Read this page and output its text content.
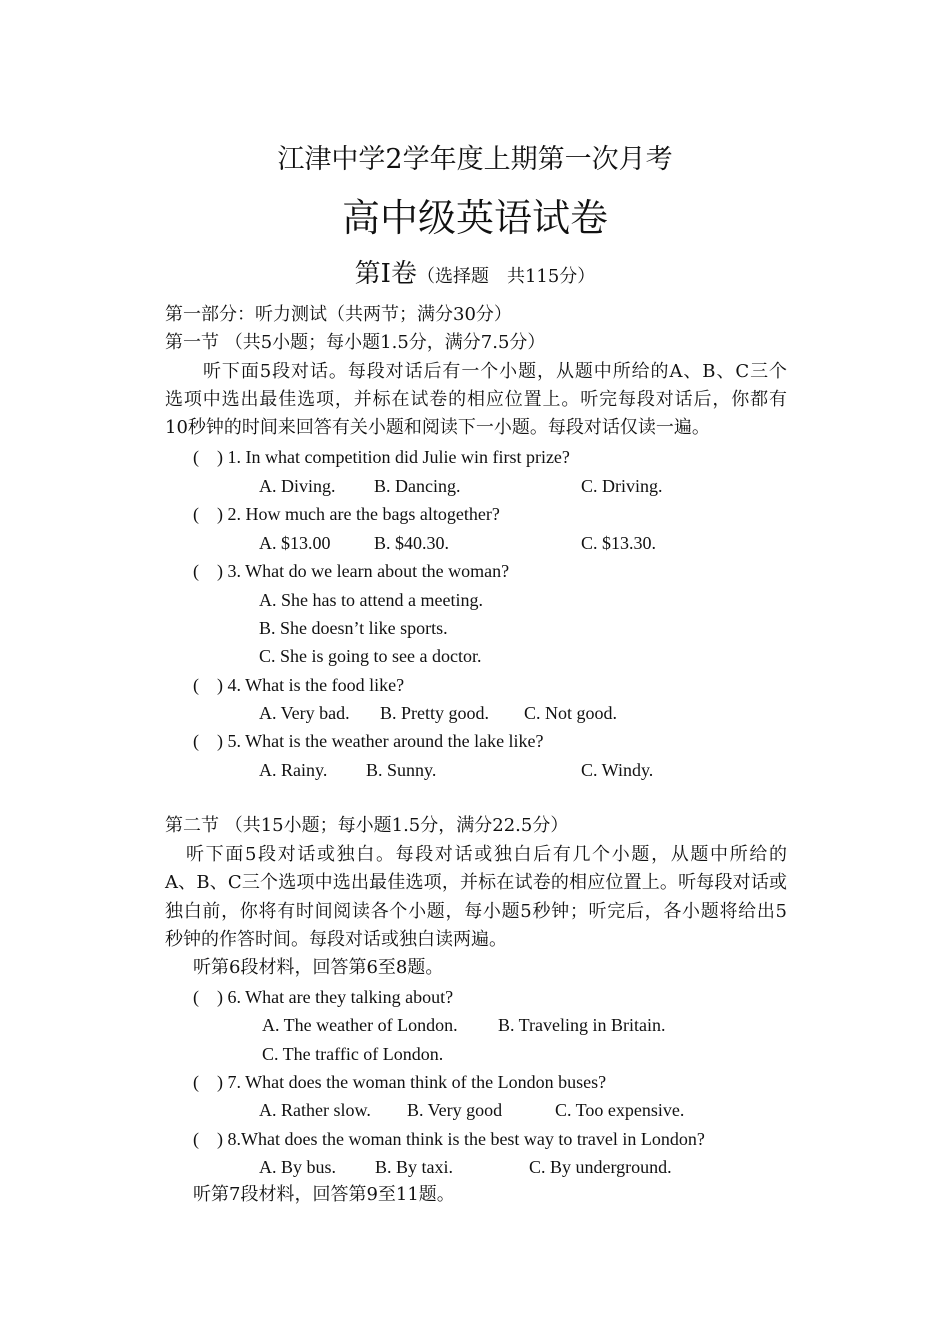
江津中学2学年度上期第一次月考
高中级英语试卷
第Ⅰ卷（选择题　共115分）
第一部分：听力测试（共两节；满分30分）
第一节 （共5小题；每小题1.5分，满分7.5分）
听下面5段对话。每段对话后有一个小题，从题中所给的A、B、C三个
选项中选出最佳选项，并标在试卷的相应位置上。听完每段对话后，你都有
10秒钟的时间来回答有关小题和阅读下一小题。每段对话仅读一遍。
(    ) 1. In what competition did Julie win first prize?
A. Diving. B. Dancing.	C. Driving.
(    ) 2. How much are the bags altogether?
A. $13.00 B. $40.30.	C. $13.30.
(    ) 3. What do we learn about the woman?
A. She has to attend a meeting.
B. She doesn’t like sports.
C. She is going to see a doctor.
(    ) 4. What is the food like?
A. Very bad. B. Pretty good. C. Not good.
(    ) 5. What is the weather around the lake like?
A. Rainy. B. Sunny.	C. Windy.
第二节 （共15小题；每小题1.5分，满分22.5分）
听下面5段对话或独白。每段对话或独白后有几个小题，从题中所给的
A、B、C三个选项中选出最佳选项，并标在试卷的相应位置上。听每段对话或
独白前，你将有时间阅读各个小题，每小题5秒钟；听完后，各小题将给出5
秒钟的作答时间。每段对话或独白读两遍。
听第6段材料，回答第6至8题。
(    ) 6. What are they talking about?
A. The weather of London. B. Traveling in Britain.
C. The traffic of London.
(    ) 7. What does the woman think of the London buses?
A. Rather slow. B. Very good	C. Too expensive.
(    ) 8.What does the woman think is the best way to travel in London?
A. By bus. B. By taxi.	C. By underground.
听第7段材料，回答第9至11题。
